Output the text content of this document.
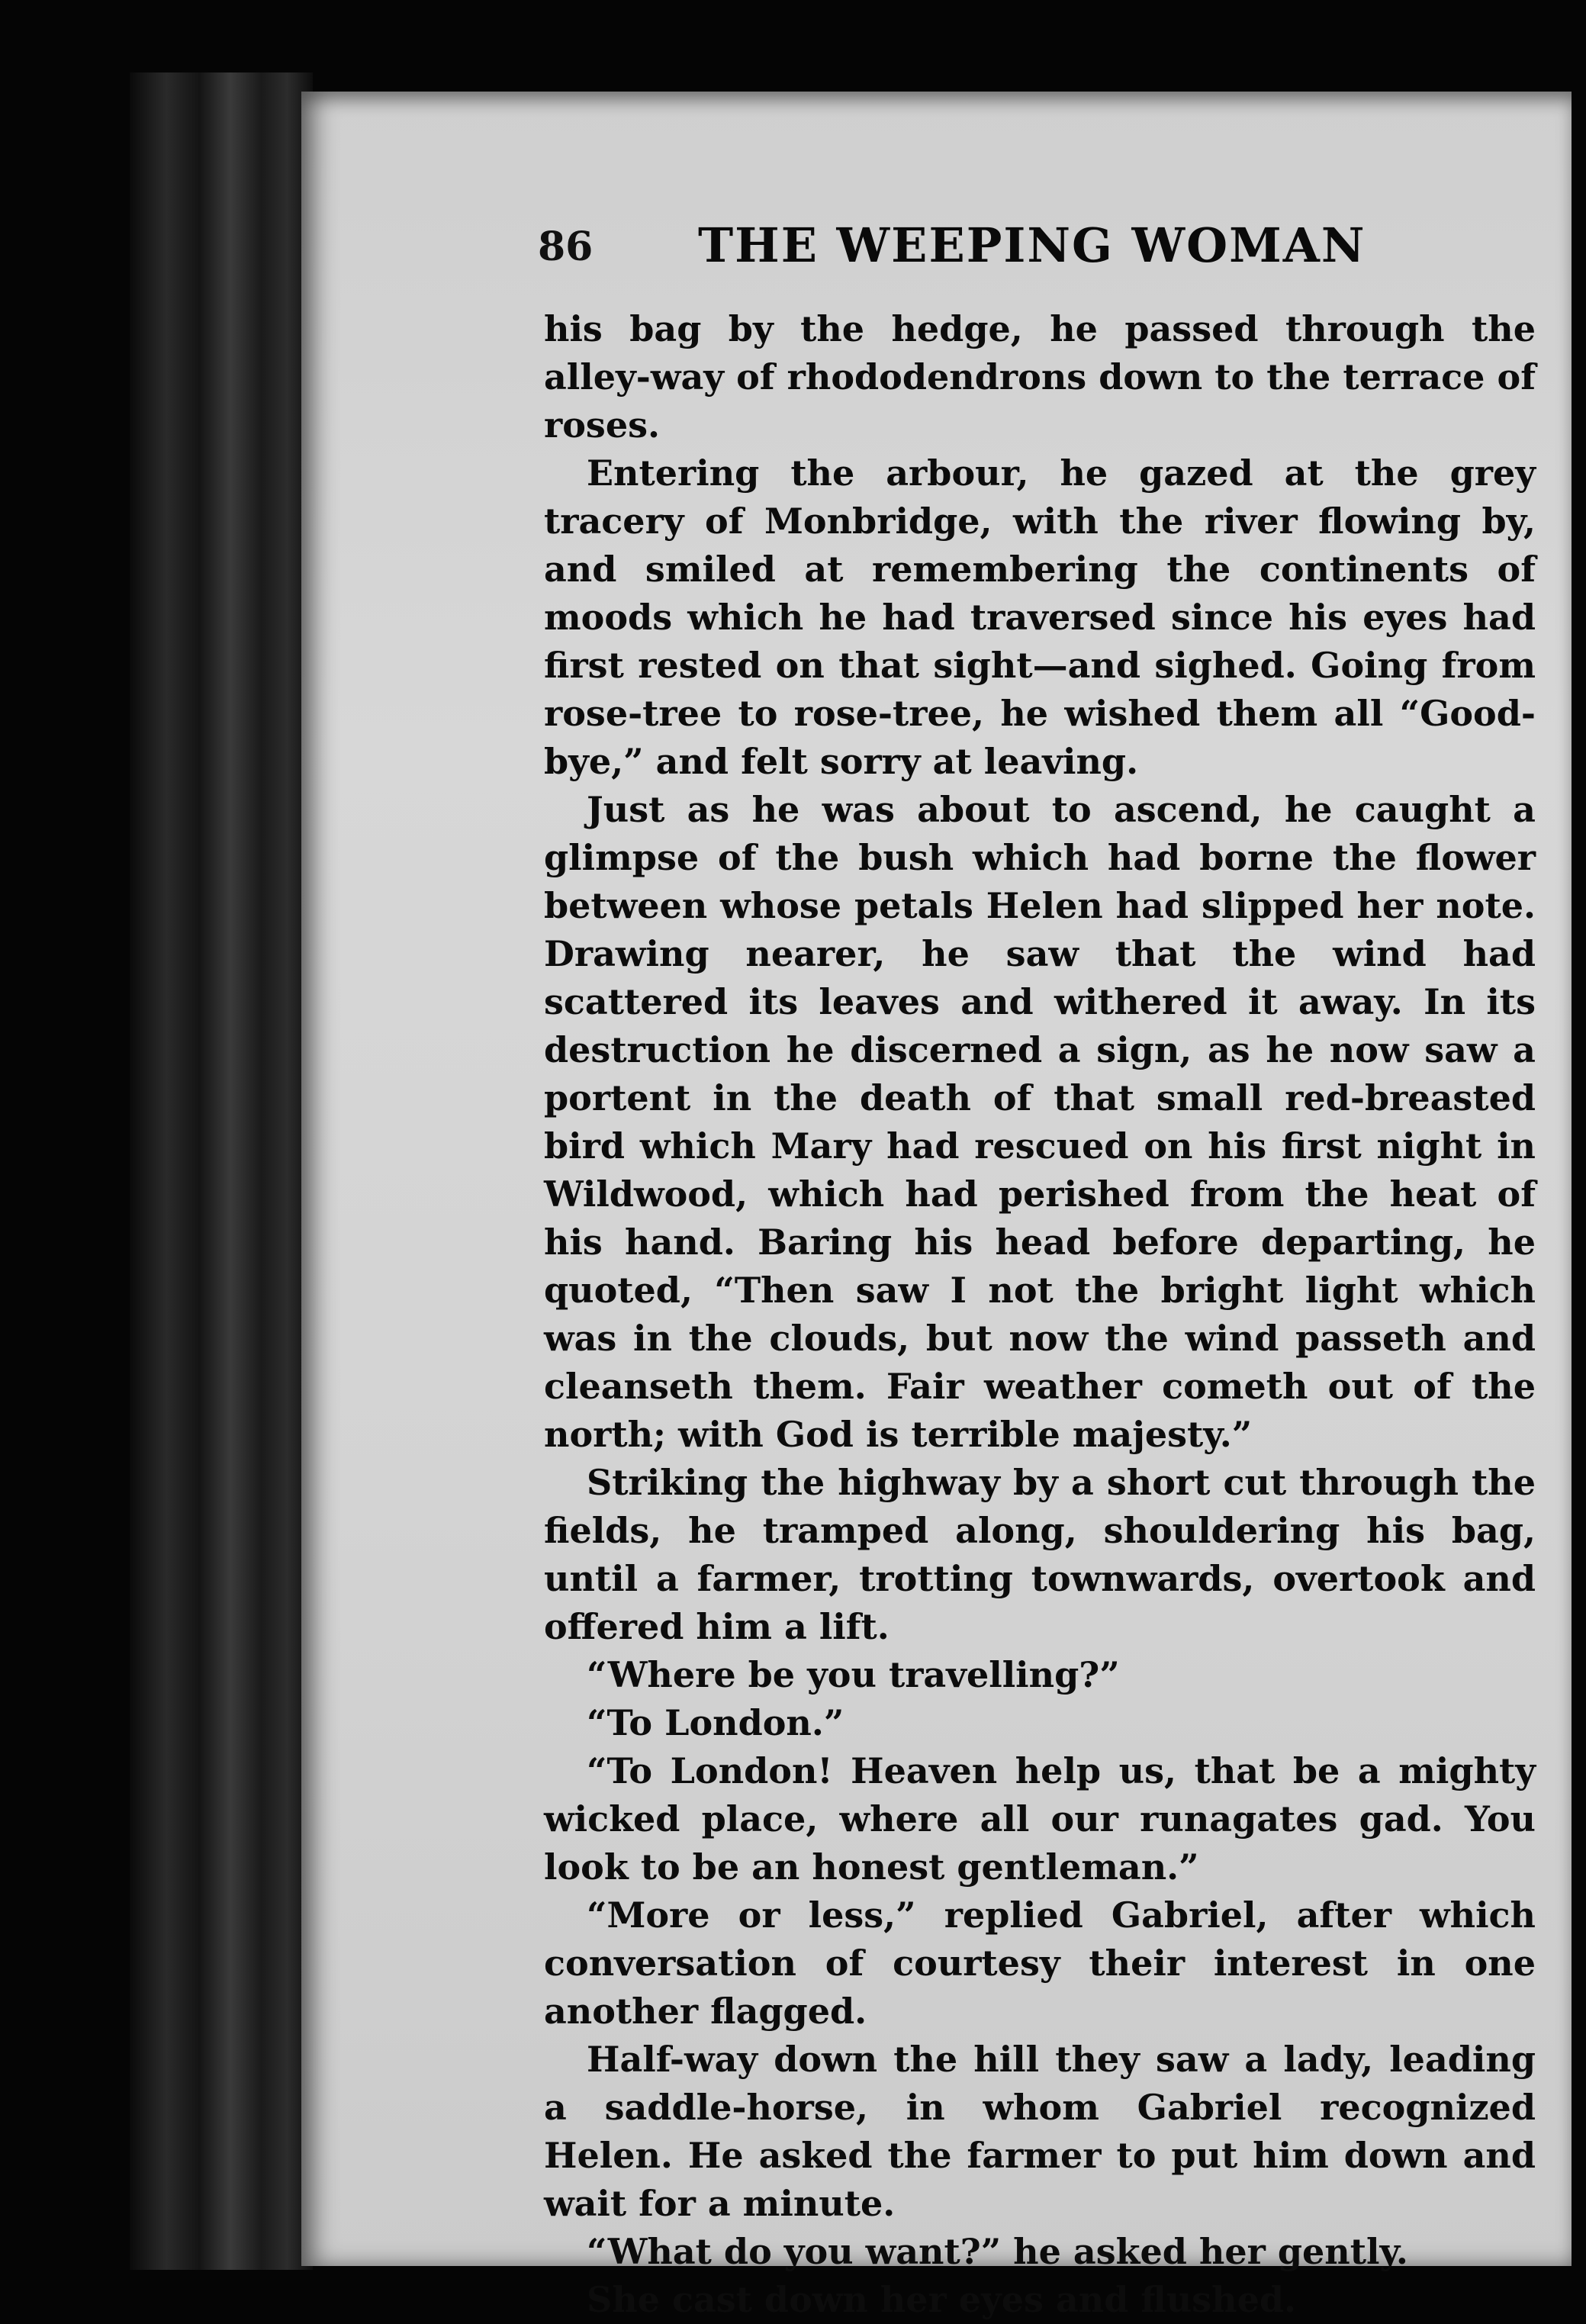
86 THE WEEPING WOMAN

his bag by the hedge, he passed through the alley-way of rhododendrons down to the terrace of roses.

Entering the arbour, he gazed at the grey tracery of Monbridge, with the river flowing by, and smiled at remembering the continents of moods which he had traversed since his eyes had first rested on that sight—and sighed. Going from rose-tree to rose-tree, he wished them all “Good-bye,” and felt sorry at leaving.

Just as he was about to ascend, he caught a glimpse of the bush which had borne the flower between whose petals Helen had slipped her note. Drawing nearer, he saw that the wind had scattered its leaves and withered it away. In its destruction he discerned a sign, as he now saw a portent in the death of that small red-breasted bird which Mary had rescued on his first night in Wildwood, which had perished from the heat of his hand. Baring his head before departing, he quoted, “Then saw I not the bright light which was in the clouds, but now the wind passeth and cleanseth them. Fair weather cometh out of the north; with God is terrible majesty.”

Striking the highway by a short cut through the fields, he tramped along, shouldering his bag, until a farmer, trotting townwards, overtook and offered him a lift.

“Where be you travelling?”

“To London.”

“To London! Heaven help us, that be a mighty wicked place, where all our runagates gad. You look to be an honest gentleman.”

“More or less,” replied Gabriel, after which conversation of courtesy their interest in one another flagged.

Half-way down the hill they saw a lady, leading a saddle-horse, in whom Gabriel recognized Helen. He asked the farmer to put him down and wait for a minute.

“What do you want?” he asked her gently.

She cast down her eyes and flushed.
